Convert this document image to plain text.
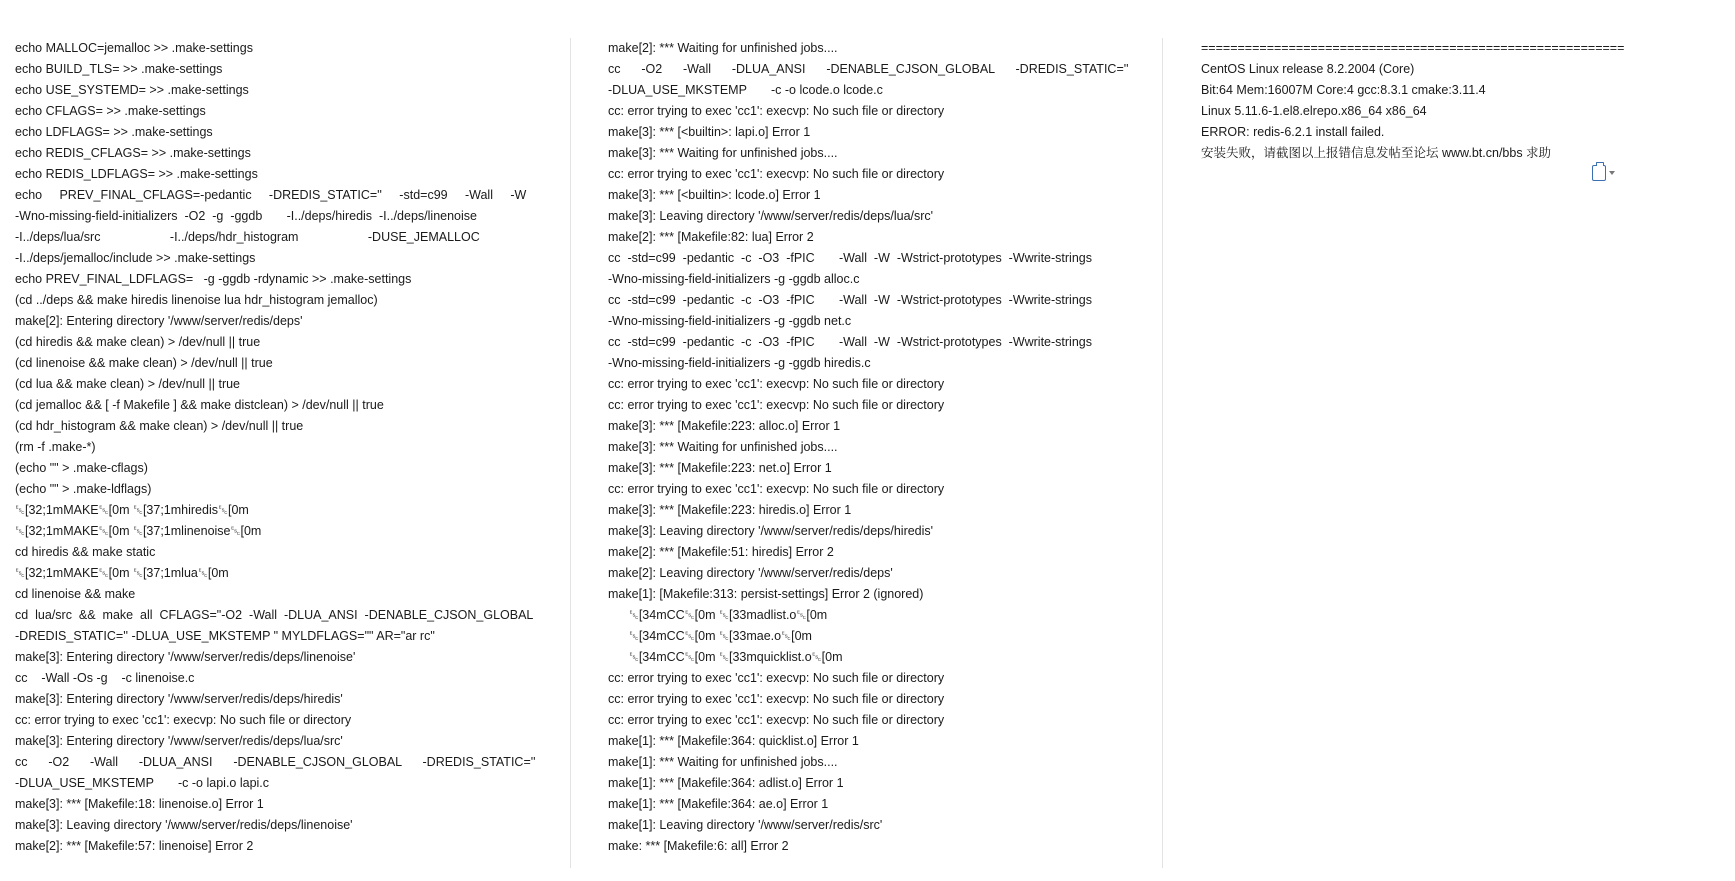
echo MALLOC=jemalloc >> .make-settings
echo BUILD_TLS= >> .make-settings
echo USE_SYSTEMD= >> .make-settings
echo CFLAGS= >> .make-settings
echo LDFLAGS= >> .make-settings
echo REDIS_CFLAGS= >> .make-settings
echo REDIS_LDFLAGS= >> .make-settings
echo     PREV_FINAL_CFLAGS=-pedantic     -DREDIS_STATIC=''     -std=c99     -Wall     -W
-Wno-missing-field-initializers  -O2  -g  -ggdb       -I../deps/hiredis  -I../deps/linenoise
-I../deps/lua/src                    -I../deps/hdr_histogram                    -DUSE_JEMALLOC
-I../deps/jemalloc/include >> .make-settings
echo PREV_FINAL_LDFLAGS=   -g -ggdb -rdynamic >> .make-settings
(cd ../deps && make hiredis linenoise lua hdr_histogram jemalloc)
make[2]: Entering directory '/www/server/redis/deps'
(cd hiredis && make clean) > /dev/null || true
(cd linenoise && make clean) > /dev/null || true
(cd lua && make clean) > /dev/null || true
(cd jemalloc && [ -f Makefile ] && make distclean) > /dev/null || true
(cd hdr_histogram && make clean) > /dev/null || true
(rm -f .make-*)
(echo "" > .make-cflags)
(echo "" > .make-ldflags)
␛[32;1mMAKE␛[0m ␛[37;1mhiredis␛[0m
␛[32;1mMAKE␛[0m ␛[37;1mlinenoise␛[0m
cd hiredis && make static
␛[32;1mMAKE␛[0m ␛[37;1mlua␛[0m
cd linenoise && make
cd  lua/src  &&  make  all  CFLAGS="-O2  -Wall  -DLUA_ANSI  -DENABLE_CJSON_GLOBAL
-DREDIS_STATIC='' -DLUA_USE_MKSTEMP " MYLDFLAGS="" AR="ar rc"
make[3]: Entering directory '/www/server/redis/deps/linenoise'
cc    -Wall -Os -g    -c linenoise.c
make[3]: Entering directory '/www/server/redis/deps/hiredis'
cc: error trying to exec 'cc1': execvp: No such file or directory
make[3]: Entering directory '/www/server/redis/deps/lua/src'
cc      -O2      -Wall      -DLUA_ANSI      -DENABLE_CJSON_GLOBAL      -DREDIS_STATIC=''
-DLUA_USE_MKSTEMP       -c -o lapi.o lapi.c
make[3]: *** [Makefile:18: linenoise.o] Error 1
make[3]: Leaving directory '/www/server/redis/deps/linenoise'
make[2]: *** [Makefile:57: linenoise] Error 2
make[2]: *** Waiting for unfinished jobs....
cc      -O2      -Wall      -DLUA_ANSI      -DENABLE_CJSON_GLOBAL      -DREDIS_STATIC=''
-DLUA_USE_MKSTEMP       -c -o lcode.o lcode.c
cc: error trying to exec 'cc1': execvp: No such file or directory
make[3]: *** [<builtin>: lapi.o] Error 1
make[3]: *** Waiting for unfinished jobs....
cc: error trying to exec 'cc1': execvp: No such file or directory
make[3]: *** [<builtin>: lcode.o] Error 1
make[3]: Leaving directory '/www/server/redis/deps/lua/src'
make[2]: *** [Makefile:82: lua] Error 2
cc  -std=c99  -pedantic  -c  -O3  -fPIC       -Wall  -W  -Wstrict-prototypes  -Wwrite-strings
-Wno-missing-field-initializers -g -ggdb alloc.c
cc  -std=c99  -pedantic  -c  -O3  -fPIC       -Wall  -W  -Wstrict-prototypes  -Wwrite-strings
-Wno-missing-field-initializers -g -ggdb net.c
cc  -std=c99  -pedantic  -c  -O3  -fPIC       -Wall  -W  -Wstrict-prototypes  -Wwrite-strings
-Wno-missing-field-initializers -g -ggdb hiredis.c
cc: error trying to exec 'cc1': execvp: No such file or directory
cc: error trying to exec 'cc1': execvp: No such file or directory
make[3]: *** [Makefile:223: alloc.o] Error 1
make[3]: *** Waiting for unfinished jobs....
make[3]: *** [Makefile:223: net.o] Error 1
cc: error trying to exec 'cc1': execvp: No such file or directory
make[3]: *** [Makefile:223: hiredis.o] Error 1
make[3]: Leaving directory '/www/server/redis/deps/hiredis'
make[2]: *** [Makefile:51: hiredis] Error 2
make[2]: Leaving directory '/www/server/redis/deps'
make[1]: [Makefile:313: persist-settings] Error 2 (ignored)
␛[34mCC␛[0m ␛[33madlist.o␛[0m
␛[34mCC␛[0m ␛[33mae.o␛[0m
␛[34mCC␛[0m ␛[33mquicklist.o␛[0m
cc: error trying to exec 'cc1': execvp: No such file or directory
cc: error trying to exec 'cc1': execvp: No such file or directory
cc: error trying to exec 'cc1': execvp: No such file or directory
make[1]: *** [Makefile:364: quicklist.o] Error 1
make[1]: *** Waiting for unfinished jobs....
make[1]: *** [Makefile:364: adlist.o] Error 1
make[1]: *** [Makefile:364: ae.o] Error 1
make[1]: Leaving directory '/www/server/redis/src'
make: *** [Makefile:6: all] Error 2
==========================================================
CentOS Linux release 8.2.2004 (Core)
Bit:64 Mem:16007M Core:4 gcc:8.3.1 cmake:3.11.4
Linux 5.11.6-1.el8.elrepo.x86_64 x86_64
ERROR: redis-6.2.1 install failed.
安装失败，请截图以上报错信息发帖至论坛 www.bt.cn/bbs 求助
